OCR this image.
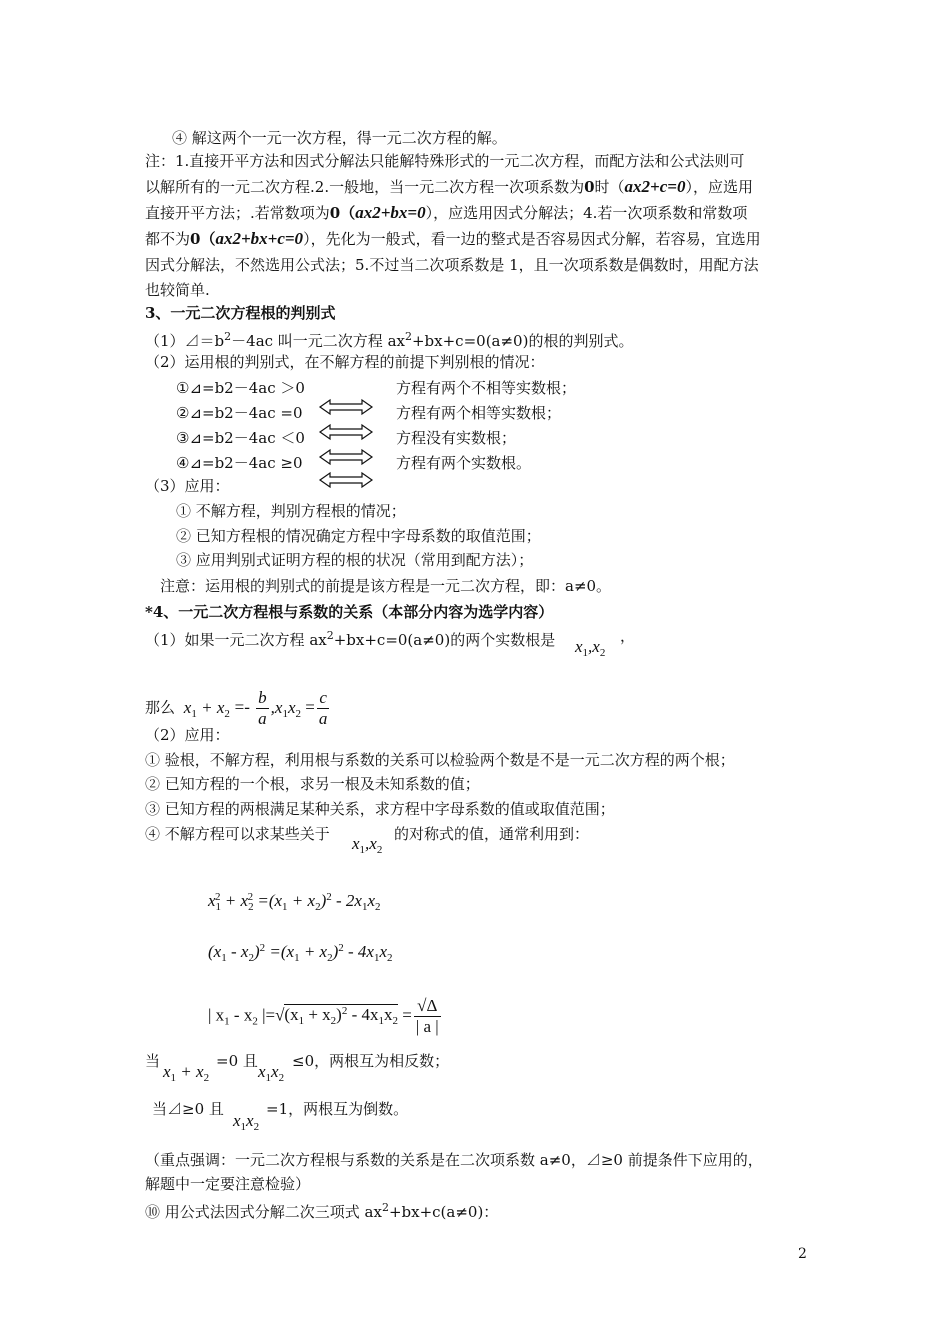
④ 解这两个一元一次方程，得一元二次方程的解。
注：1.直接开平方法和因式分解法只能解特殊形式的一元二次方程，而配方法和公式法则可
以解所有的一元二次方程.2.一般地，当一元二次方程一次项系数为0时（ax2+c=0），应选用
直接开平方法；.若常数项为0（ax2+bx=0），应选用因式分解法；4.若一次项系数和常数项
都不为0（ax2+bx+c=0），先化为一般式，看一边的整式是否容易因式分解，若容易，宜选用
因式分解法，不然选用公式法；5.不过当二次项系数是 1，且一次项系数是偶数时，用配方法
也较简单.
3、一元二次方程根的判别式
$(1)⊿=b^2-4ac$ 叫一元二次方程 $ax^2+bx+c=0(a\ne 0)$的根的判别式。
（2）运用根的判别式，在不解方程的前提下判别根的情况：
①⊿=b2－4ac ＞0
②⊿=b2－4ac =0
③⊿=b2－4ac ＜0
④⊿=b2－4ac ≥0
方程有两个不相等实数根；
方程有两个相等实数根；
方程没有实数根；
方程有两个实数根。
（3）应用：
① 不解方程，判别方程根的情况；
② 已知方程根的情况确定方程中字母系数的取值范围；
③ 应用判别式证明方程的根的状况（常用到配方法）；
注意：运用根的判别式的前提是该方程是一元二次方程，即：a≠0。
*4、一元二次方程根与系数的关系（本部分内容为选学内容）
（1）如果一元二次方程 $ax^2+bx+c=0(a\ne 0)$的两个实数根是 $x_1,x_2$
，
那么 $x_1 + x_2 =- \frac{b}{a} ,x_1x_2 = \frac{c}{a}$
（2）应用：
① 验根，不解方程，利用根与系数的关系可以检验两个数是不是一元二次方程的两个根；
② 已知方程的一个根，求另一根及未知系数的值；
③ 已知方程的两根满足某种关系，求方程中字母系数的值或取值范围；
④ 不解方程可以求某些关于 $x_1,x_2$
的对称式的值，通常利用到：
$x_1^2 + x_2^2 =(x_1 + x_2)^2 - 2x_1x_2$
$(x_1 - x_2)^2 =(x_1 + x_2)^2 - 4x_1x_2$
| $x_1 - x_2$ $|=√(x_1 + x_2)^2 - 4x_1x_2 = \frac{√\Delta}{| a |}$
当
$x_1 + x_2$
=0 且
$x_1x_2$
≤0，两根互为相反数；
当⊿≥0 且
$x_1x_2$
=1，两根互为倒数。
（重点强调：一元二次方程根与系数的关系是在二次项系数 a≠0，⊿≥0 前提条件下应用的，
解题中一定要注意检验）
⑩ 用公式法因式分解二次三项式 $ax^2+bx+c(a\ne 0)$：
2
